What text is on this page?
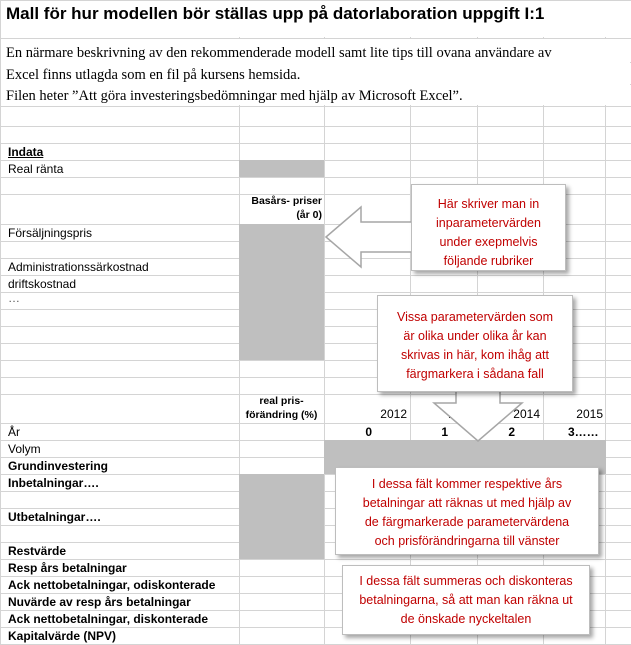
Mall för hur modellen bör ställas upp på datorlaboration uppgift I:1
En närmare beskrivning av den rekommenderade modell samt lite tips till ovana användare av
Excel finns utlagda som en fil på kursens hemsida.
Filen heter ”Att göra investeringsbedömningar med hjälp av Microsoft Excel”.
Indata
Real ränta
Basårs- priser
(år 0)
Försäljningspris
Administrationssärkostnad
driftskostnad
…
real pris-
förändring (%)	2012	2014	2015
År	0	1	2	3……
Volym
Grundinvestering
Inbetalningar….
Utbetalningar….
Restvärde
Resp års betalningar
Ack nettobetalningar, odiskonterade
Nuvärde av resp års betalningar
Ack nettobetalningar, diskonterade
Kapitalvärde (NPV)
Här skriver man in
inparametervärden
under exepmelvis
följande rubriker
Vissa parametervärden som
är olika under olika år kan
skrivas in här, kom ihåg att
färgmarkera i sådana fall
I dessa fält kommer respektive års
betalningar att räknas ut med hjälp av
de färgmarkerade parametervärdena
och prisförändringarna till vänster
I dessa fält summeras och diskonteras
betalningarna, så att man kan räkna ut
de önskade nyckeltalen
